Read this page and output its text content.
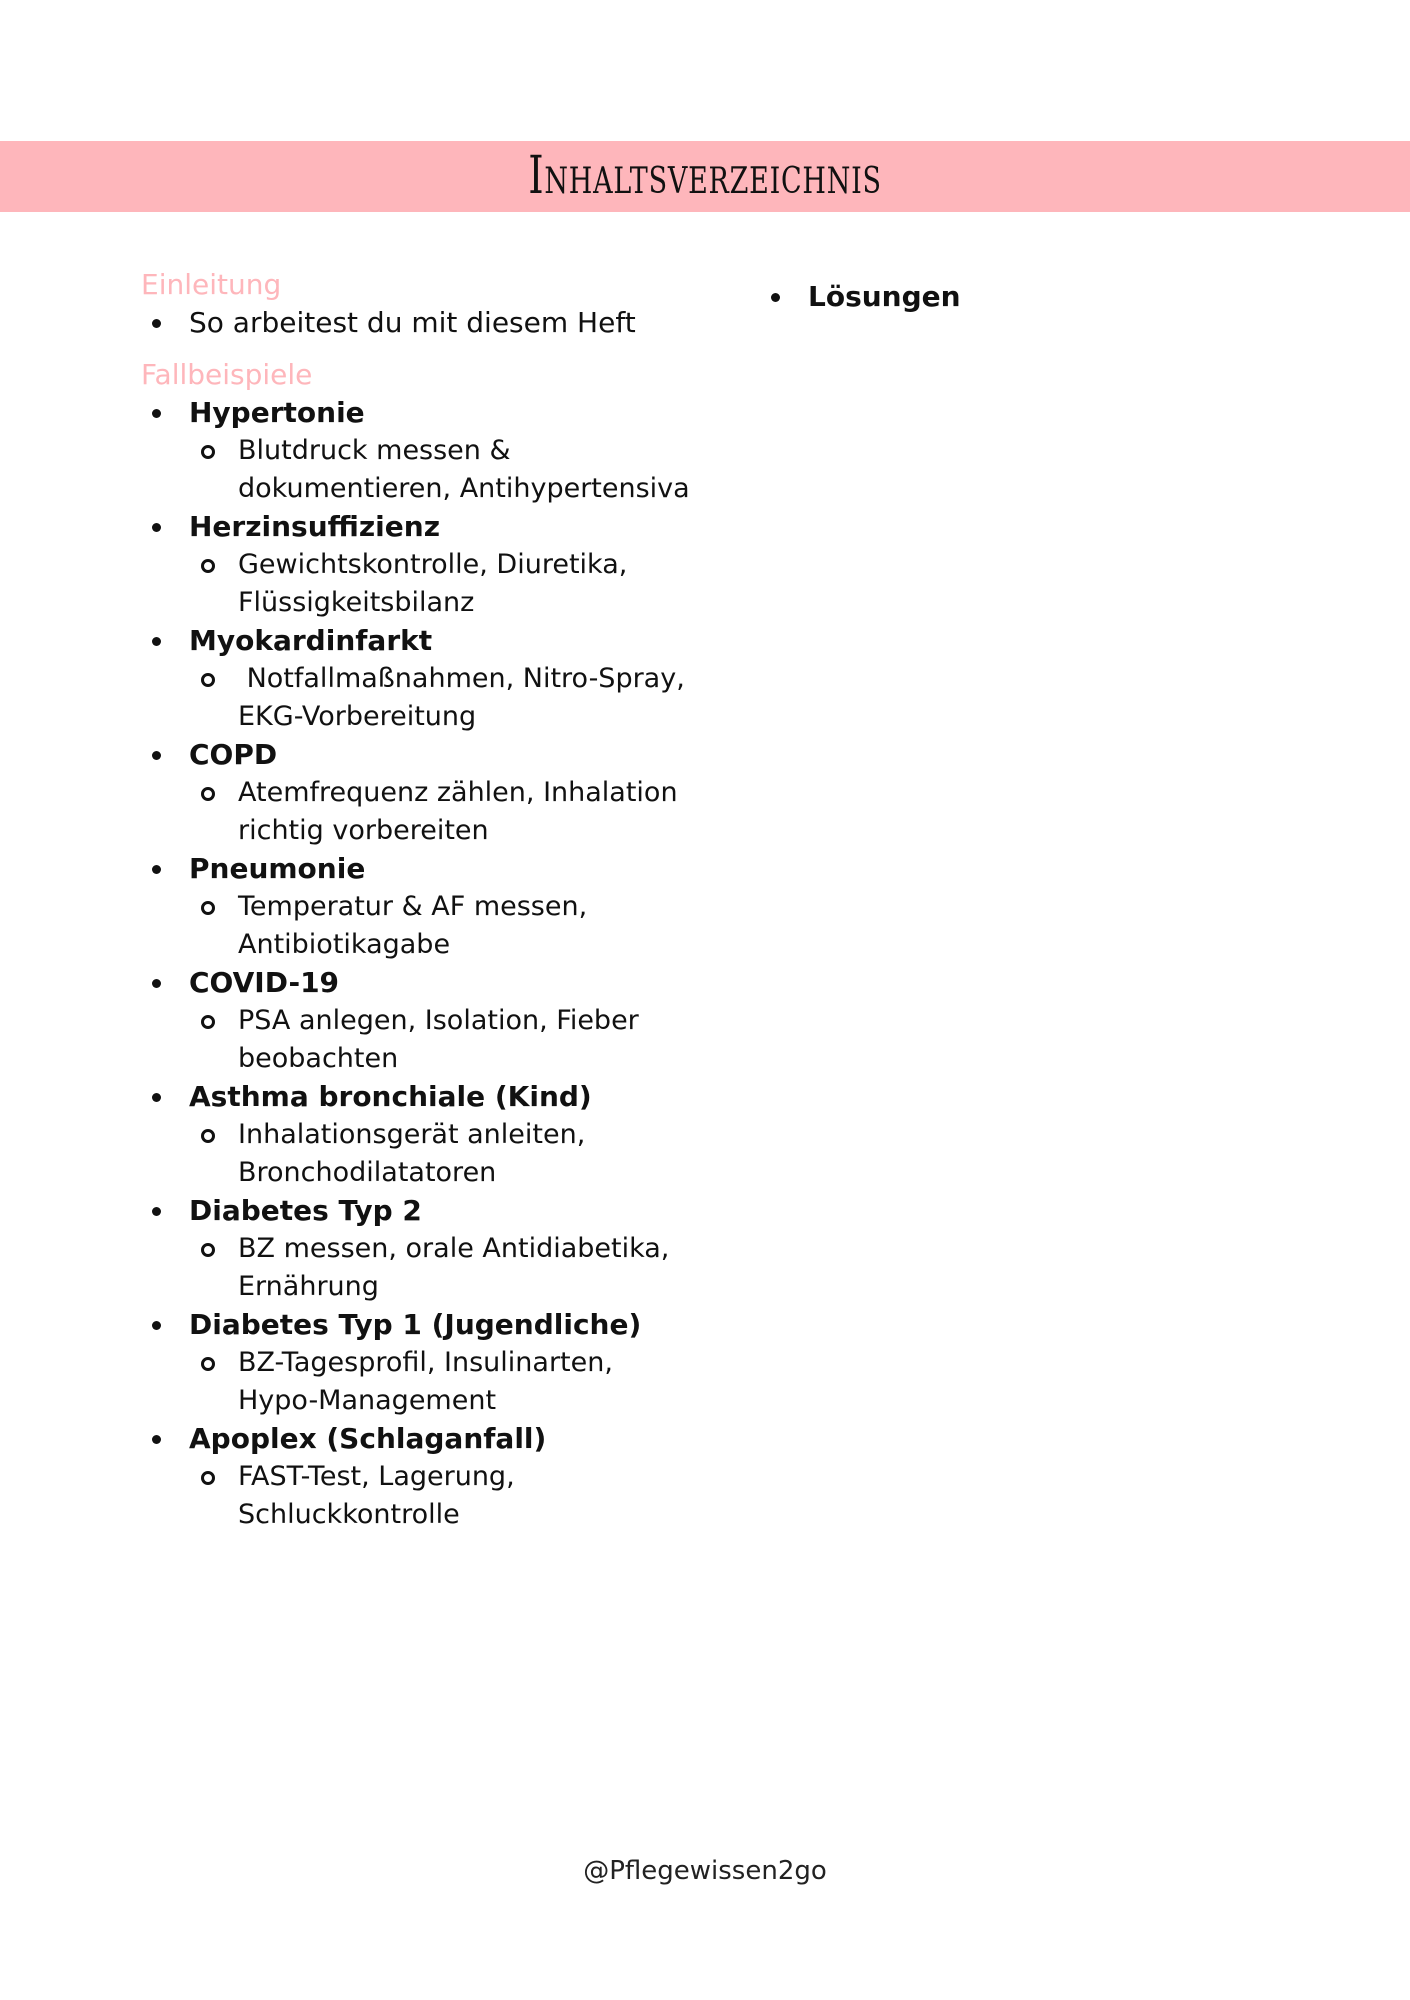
Inhaltsverzeichnis
Einleitung
So arbeitest du mit diesem Heft
Fallbeispiele
Hypertonie
Blutdruck messen &
dokumentieren, Antihypertensiva
Herzinsuffizienz
Gewichtskontrolle, Diuretika,
Flüssigkeitsbilanz
Myokardinfarkt
Notfallmaßnahmen, Nitro-Spray,
EKG-Vorbereitung
COPD
Atemfrequenz zählen, Inhalation
richtig vorbereiten
Pneumonie
Temperatur & AF messen,
Antibiotikagabe
COVID-19
PSA anlegen, Isolation, Fieber
beobachten
Asthma bronchiale (Kind)
Inhalationsgerät anleiten,
Bronchodilatatoren
Diabetes Typ 2
BZ messen, orale Antidiabetika,
Ernährung
Diabetes Typ 1 (Jugendliche)
BZ-Tagesprofil, Insulinarten,
Hypo-Management
Apoplex (Schlaganfall)
FAST-Test, Lagerung,
Schluckkontrolle
Lösungen
@Pflegewissen2go
